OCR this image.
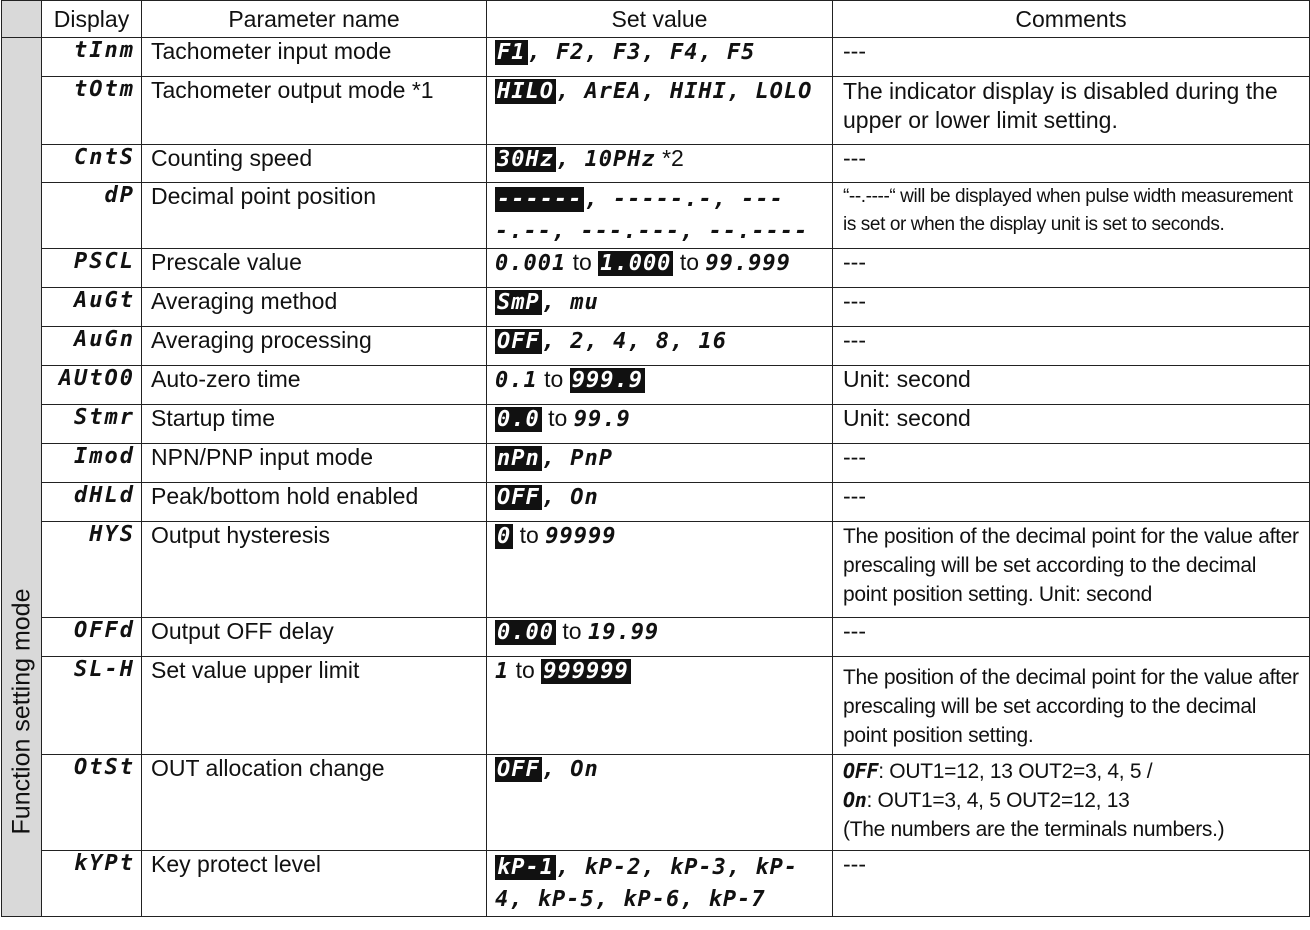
	Display	Parameter name	Set value	Comments

Function setting mode	tInm	Tachometer input mode	F1, F2, F3, F4, F5	---
	tOtm	Tachometer output mode *1	HILO, ArEA, HIHI, LOLO	The indicator display is disabled during the upper or lower limit setting.
	CntS	Counting speed	30Hz, 10PHz *2	---
	dP	Decimal point position	------, -----.-, ----.--, ---.---, --.----	“--.----“ will be displayed when pulse width measurement is set or when the display unit is set to seconds.
	PSCL	Prescale value	0.001 to 1.000 to 99.999	---
	AuGt	Averaging method	SmP, mu	---
	AuGn	Averaging processing	OFF, 2, 4, 8, 16	---
	AUtO0	Auto-zero time	0.1 to 999.9	Unit: second
	Stmr	Startup time	0.0 to 99.9	Unit: second
	Imod	NPN/PNP input mode	nPn, PnP	---
	dHLd	Peak/bottom hold enabled	OFF, On	---
	HYS	Output hysteresis	0 to 99999	The position of the decimal point for the value after prescaling will be set according to the decimal point position setting. Unit: second
	OFFd	Output OFF delay	0.00 to 19.99	---
	SL-H	Set value upper limit	1 to 999999	The position of the decimal point for the value after prescaling will be set according to the decimal point position setting.
	OtSt	OUT allocation change	OFF, On	OFF: OUT1=12, 13 OUT2=3, 4, 5 /
On: OUT1=3, 4, 5 OUT2=12, 13
(The numbers are the terminals numbers.)

	kYPt	Key protect level	kP-1, kP-2, kP-3, kP-4, kP-5, kP-6, kP-7	---
